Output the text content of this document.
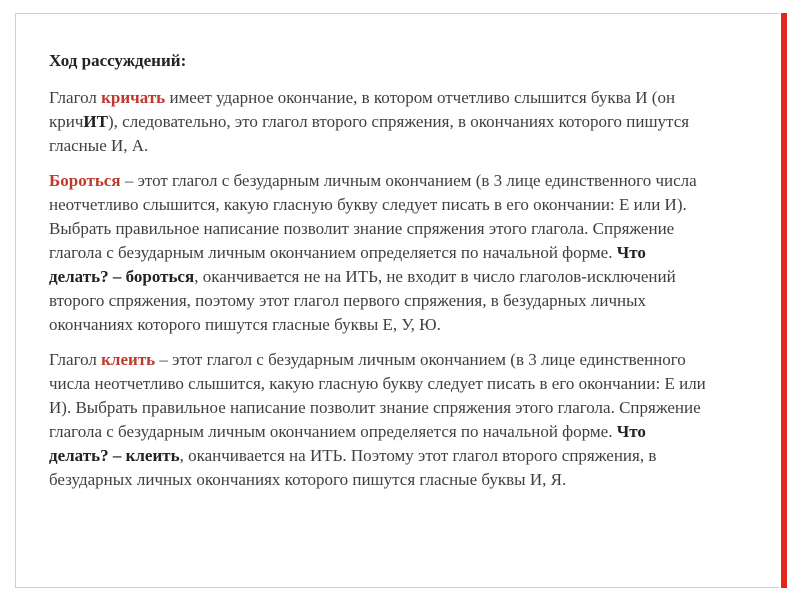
Ход рассуждений:

Глагол кричать имеет ударное окончание, в котором отчетливо слышится буква И (он кричИТ), следовательно, это глагол второго спряжения, в окончаниях которого пишутся гласные И, А.

Бороться – этот глагол с безударным личным окончанием (в 3 лице единственного числа неотчетливо слышится, какую гласную букву следует писать в его окончании: Е или И). Выбрать правильное написание позволит знание спряжения этого глагола. Спряжение глагола с безударным личным окончанием определяется по начальной форме. Что делать? – бороться, оканчивается не на ИТЬ, не входит в число глаголов-исключений второго спряжения, поэтому этот глагол первого спряжения, в безударных личных окончаниях которого пишутся гласные буквы Е, У, Ю.

Глагол клеить – этот глагол с безударным личным окончанием (в 3 лице единственного числа неотчетливо слышится, какую гласную букву следует писать в его окончании: Е или И). Выбрать правильное написание позволит знание спряжения этого глагола. Спряжение глагола с безударным личным окончанием определяется по начальной форме. Что делать? – клеить, оканчивается на ИТЬ. Поэтому этот глагол второго спряжения, в безударных личных окончаниях которого пишутся гласные буквы И, Я.
